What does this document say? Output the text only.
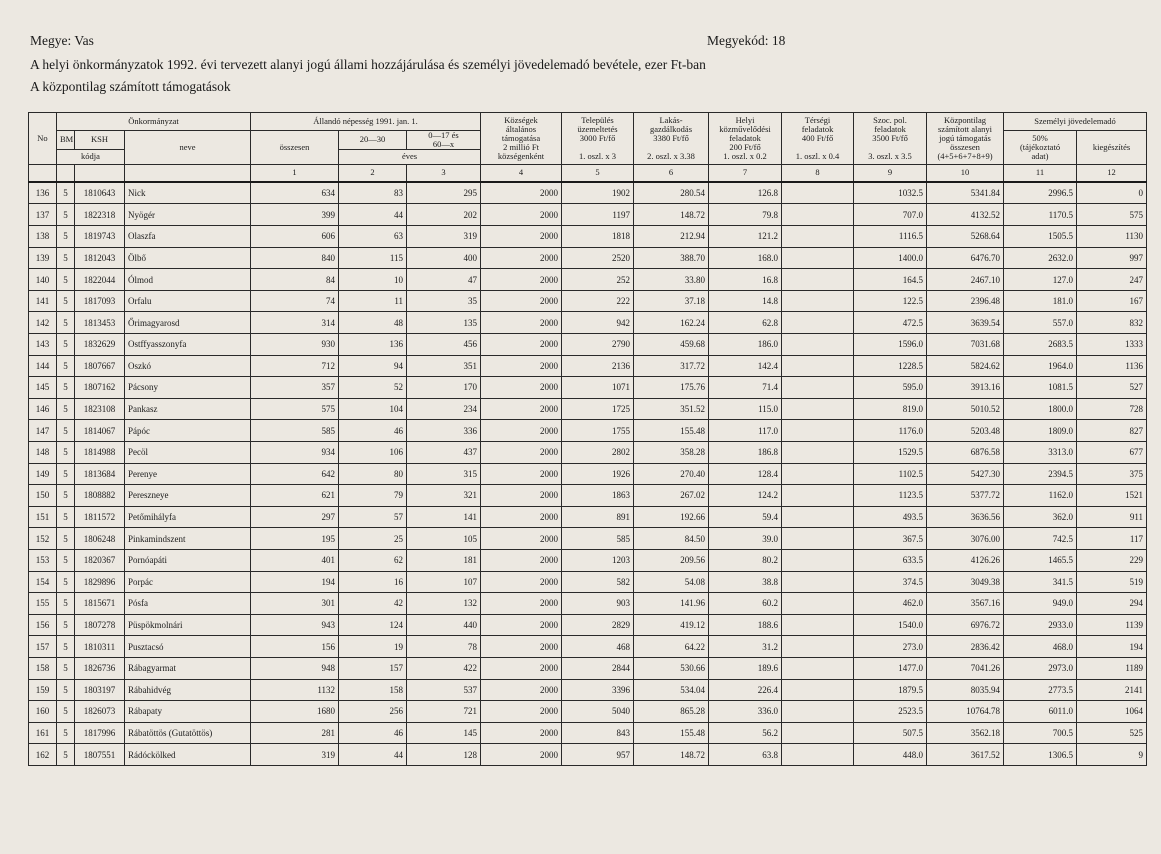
Megye: Vas	Megyekód: 18
A helyi önkormányzatok 1992. évi tervezett alanyi jogú állami hozzájárulása és személyi jövedelemadó bevétele, ezer Ft-ban
A központilag számított támogatások
No	Önkormányzat			Állandó népesség 1991. jan. 1.			Községek
általános
támogatása
2 millió Ft
községenként	Település
üzemeltetés
3000 Ft/fő

1. oszl. x 3	Lakás-
gazdálkodás
3380 Ft/fő

2. oszl. x 3.38	Helyi
közművelődési
feladatok
200 Ft/fő
1. oszl. x 0.2	Térségi
feladatok
400 Ft/fő

1. oszl. x 0.4	Szoc. pol.
feladatok
3500 Ft/fő

3. oszl. x 3.5	Központilag
számított alanyi
jogú támogatás
összesen
(4+5+6+7+8+9)	Személyi jövedelemadó	
	BM	KSH	neve	összesen	20—30	0—17 és
60—x								50%
(tájékoztató
adat)	kiegészítés
	kódja				éves										
				1	2	3	4	5	6	7	8	9	10	11	12
136	5	1810643	Nick	634	83	295	2000	1902	280.54	126.8		1032.5	5341.84	2996.5	0
137	5	1822318	Nyögér	399	44	202	2000	1197	148.72	79.8		707.0	4132.52	1170.5	575
138	5	1819743	Olaszfa	606	63	319	2000	1818	212.94	121.2		1116.5	5268.64	1505.5	1130
139	5	1812043	Ölbő	840	115	400	2000	2520	388.70	168.0		1400.0	6476.70	2632.0	997
140	5	1822044	Ólmod	84	10	47	2000	252	33.80	16.8		164.5	2467.10	127.0	247
141	5	1817093	Orfalu	74	11	35	2000	222	37.18	14.8		122.5	2396.48	181.0	167
142	5	1813453	Őrimagyarosd	314	48	135	2000	942	162.24	62.8		472.5	3639.54	557.0	832
143	5	1832629	Ostffyasszonyfa	930	136	456	2000	2790	459.68	186.0		1596.0	7031.68	2683.5	1333
144	5	1807667	Oszkó	712	94	351	2000	2136	317.72	142.4		1228.5	5824.62	1964.0	1136
145	5	1807162	Pácsony	357	52	170	2000	1071	175.76	71.4		595.0	3913.16	1081.5	527
146	5	1823108	Pankasz	575	104	234	2000	1725	351.52	115.0		819.0	5010.52	1800.0	728
147	5	1814067	Pápóc	585	46	336	2000	1755	155.48	117.0		1176.0	5203.48	1809.0	827
148	5	1814988	Pecöl	934	106	437	2000	2802	358.28	186.8		1529.5	6876.58	3313.0	677
149	5	1813684	Perenye	642	80	315	2000	1926	270.40	128.4		1102.5	5427.30	2394.5	375
150	5	1808882	Pereszneye	621	79	321	2000	1863	267.02	124.2		1123.5	5377.72	1162.0	1521
151	5	1811572	Petőmihályfa	297	57	141	2000	891	192.66	59.4		493.5	3636.56	362.0	911
152	5	1806248	Pinkamindszent	195	25	105	2000	585	84.50	39.0		367.5	3076.00	742.5	117
153	5	1820367	Pornóapáti	401	62	181	2000	1203	209.56	80.2		633.5	4126.26	1465.5	229
154	5	1829896	Porpác	194	16	107	2000	582	54.08	38.8		374.5	3049.38	341.5	519
155	5	1815671	Pósfa	301	42	132	2000	903	141.96	60.2		462.0	3567.16	949.0	294
156	5	1807278	Püspökmolnári	943	124	440	2000	2829	419.12	188.6		1540.0	6976.72	2933.0	1139
157	5	1810311	Pusztacsó	156	19	78	2000	468	64.22	31.2		273.0	2836.42	468.0	194
158	5	1826736	Rábagyarmat	948	157	422	2000	2844	530.66	189.6		1477.0	7041.26	2973.0	1189
159	5	1803197	Rábahidvég	1132	158	537	2000	3396	534.04	226.4		1879.5	8035.94	2773.5	2141
160	5	1826073	Rábapaty	1680	256	721	2000	5040	865.28	336.0		2523.5	10764.78	6011.0	1064
161	5	1817996	Rábatöttös (Gutatöttös)	281	46	145	2000	843	155.48	56.2		507.5	3562.18	700.5	525
162	5	1807551	Rádóckölked	319	44	128	2000	957	148.72	63.8		448.0	3617.52	1306.5	9
